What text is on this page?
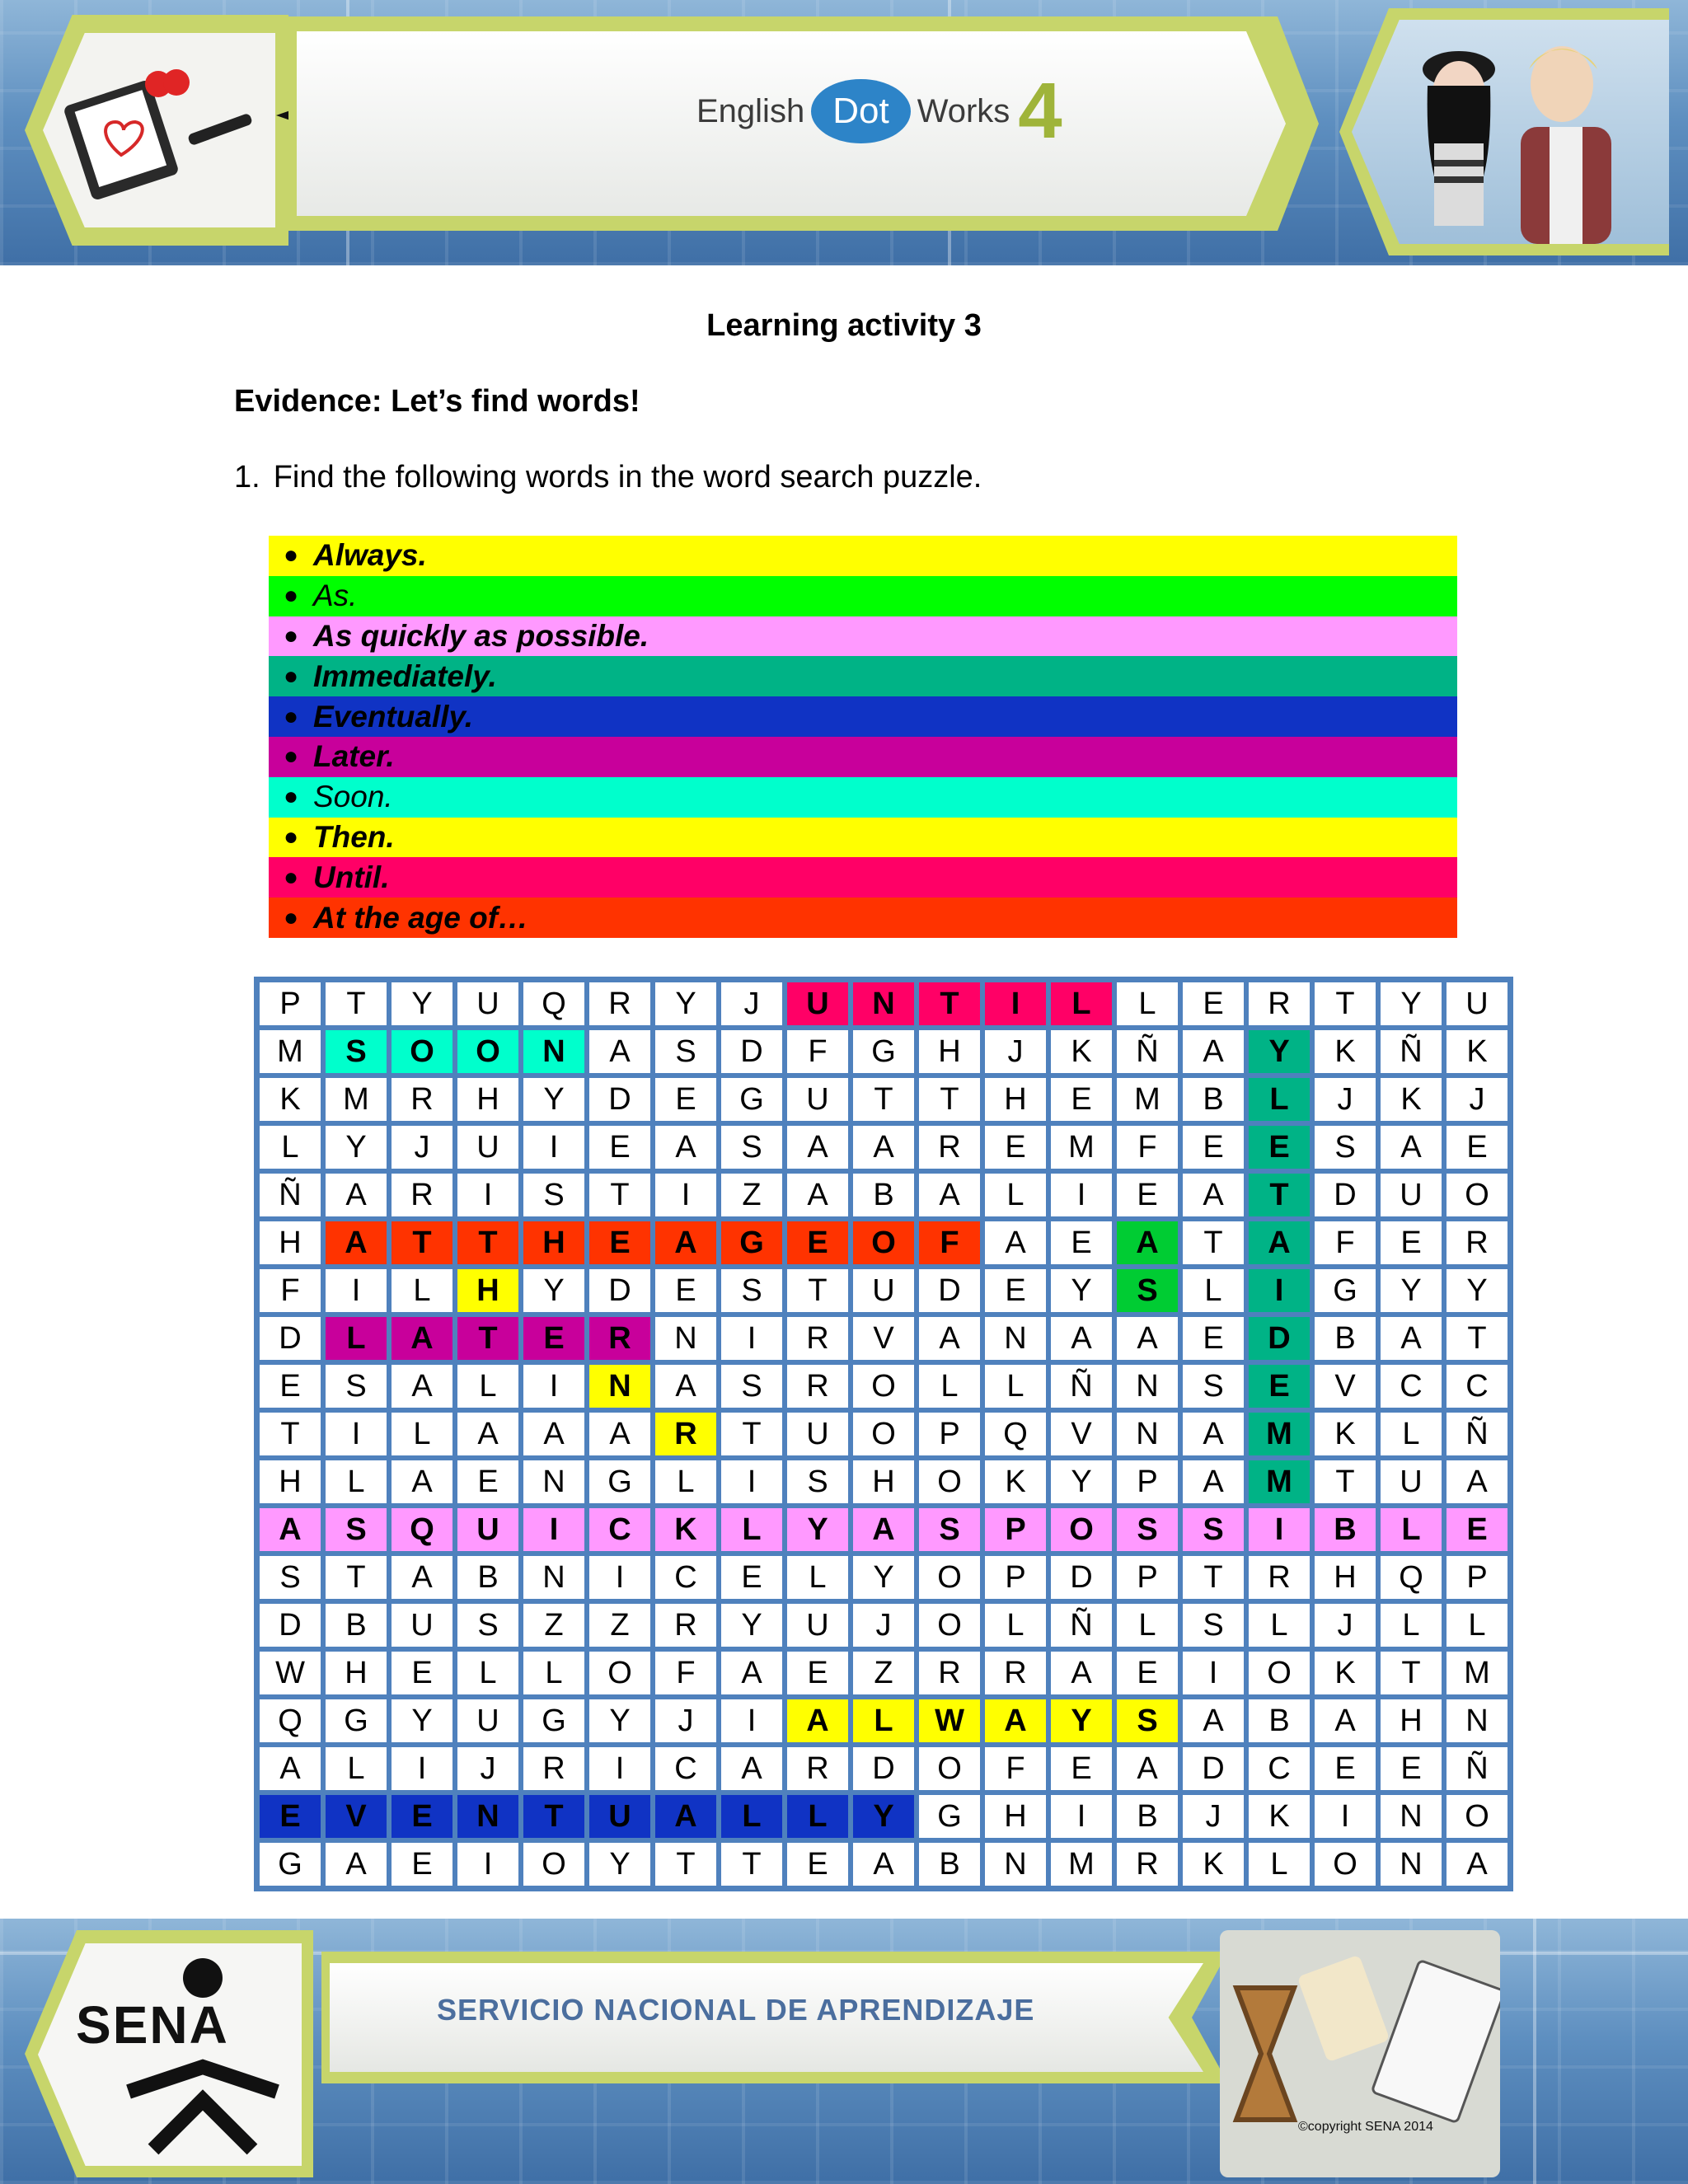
English Dot Works 4
Learning activity 3
Evidence: Let’s find words!
1. Find the following words in the word search puzzle.
● Always.
● As.
● As quickly as possible.
● Immediately.
● Eventually.
● Later.
● Soon.
● Then.
● Until.
● At the age of…
P	T	Y	U	Q	R	Y	J	U	N	T	I	L	L	E	R	T	Y	U
M	S	O	O	N	A	S	D	F	G	H	J	K	Ñ	A	Y	K	Ñ	K
K	M	R	H	Y	D	E	G	U	T	T	H	E	M	B	L	J	K	J
L	Y	J	U	I	E	A	S	A	A	R	E	M	F	E	E	S	A	E
Ñ	A	R	I	S	T	I	Z	A	B	A	L	I	E	A	T	D	U	O
H	A	T	T	H	E	A	G	E	O	F	A	E	A	T	A	F	E	R
F	I	L	H	Y	D	E	S	T	U	D	E	Y	S	L	I	G	Y	Y
D	L	A	T	E	R	N	I	R	V	A	N	A	A	E	D	B	A	T
E	S	A	L	I	N	A	S	R	O	L	L	Ñ	N	S	E	V	C	C
T	I	L	A	A	A	R	T	U	O	P	Q	V	N	A	M	K	L	Ñ
H	L	A	E	N	G	L	I	S	H	O	K	Y	P	A	M	T	U	A
A	S	Q	U	I	C	K	L	Y	A	S	P	O	S	S	I	B	L	E
S	T	A	B	N	I	C	E	L	Y	O	P	D	P	T	R	H	Q	P
D	B	U	S	Z	Z	R	Y	U	J	O	L	Ñ	L	S	L	J	L	L
W	H	E	L	L	O	F	A	E	Z	R	R	A	E	I	O	K	T	M
Q	G	Y	U	G	Y	J	I	A	L	W	A	Y	S	A	B	A	H	N
A	L	I	J	R	I	C	A	R	D	O	F	E	A	D	C	E	E	Ñ
E	V	E	N	T	U	A	L	L	Y	G	H	I	B	J	K	I	N	O
G	A	E	I	O	Y	T	T	E	A	B	N	M	R	K	L	O	N	A
SENA	SERVICIO NACIONAL DE APRENDIZAJE
©copyright SENA 2014
